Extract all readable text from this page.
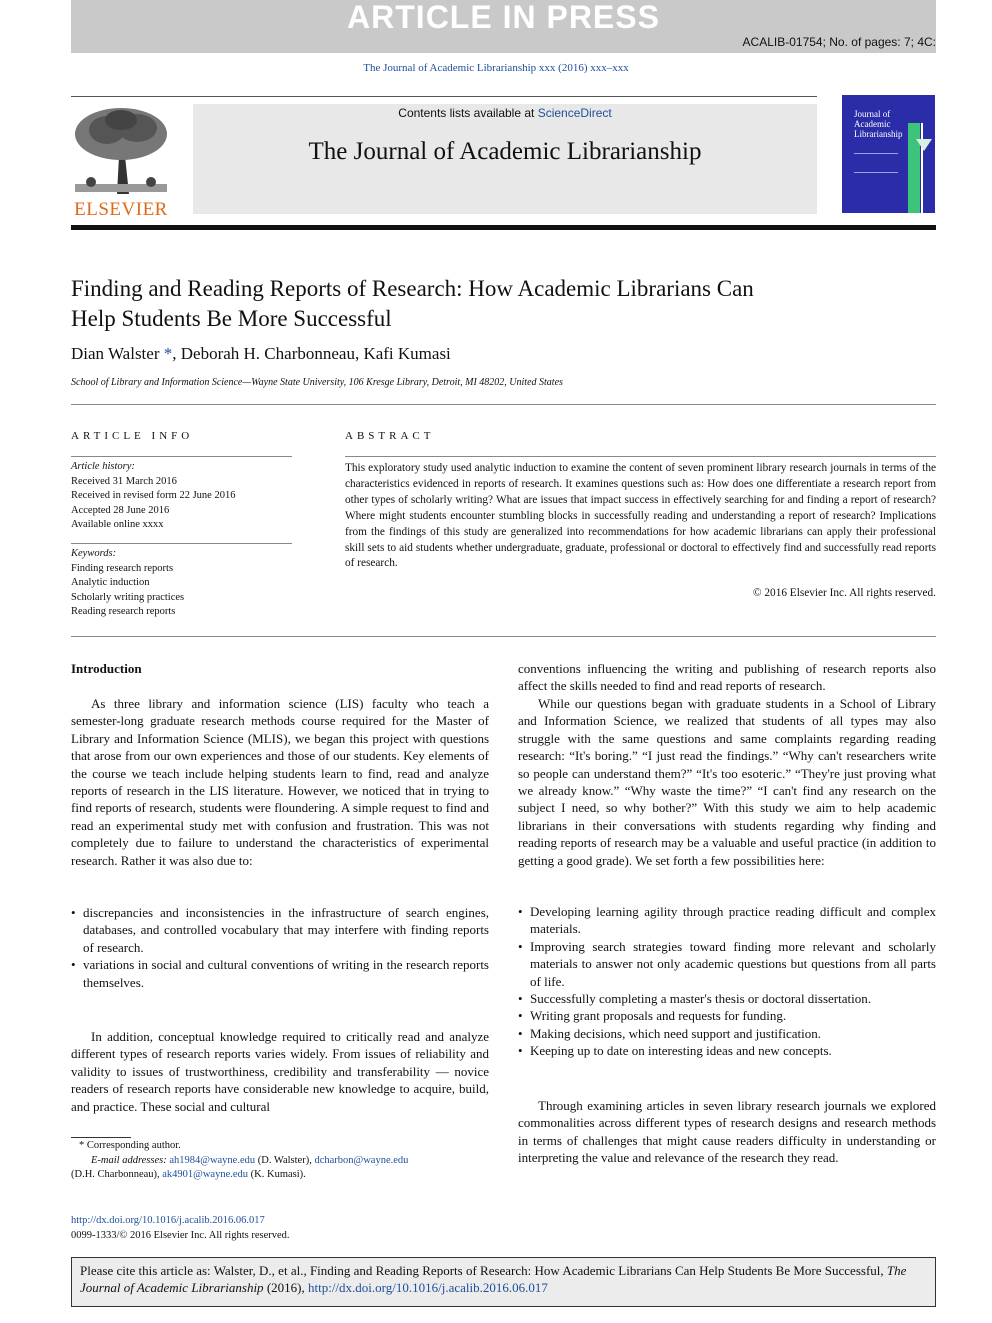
ARTICLE IN PRESS
ACALIB-01754; No. of pages: 7; 4C:
The Journal of Academic Librarianship xxx (2016) xxx–xxx
ELSEVIER
Contents lists available at ScienceDirect
The Journal of Academic Librarianship
Journal of
Academic
Librarianship
Finding and Reading Reports of Research: How Academic Librarians Can
Help Students Be More Successful
Dian Walster *, Deborah H. Charbonneau, Kafi Kumasi
School of Library and Information Science—Wayne State University, 106 Kresge Library, Detroit, MI 48202, United States
ARTICLE INFO
Article history:
Received 31 March 2016
Received in revised form 22 June 2016
Accepted 28 June 2016
Available online xxxx
Keywords:
Finding research reports
Analytic induction
Scholarly writing practices
Reading research reports
ABSTRACT
This exploratory study used analytic induction to examine the content of seven prominent library research journals in terms of the characteristics evidenced in reports of research. It examines questions such as: How does one differentiate a research report from other types of scholarly writing? What are issues that impact success in effectively searching for and finding a report of research? Where might students encounter stumbling blocks in successfully reading and understanding a report of research? Implications from the findings of this study are generalized into recommendations for how academic librarians can apply their professional skill sets to aid students whether undergraduate, graduate, professional or doctoral to effectively find and successfully read reports of research.
© 2016 Elsevier Inc. All rights reserved.
Introduction
As three library and information science (LIS) faculty who teach a semester-long graduate research methods course required for the Master of Library and Information Science (MLIS), we began this project with questions that arose from our own experiences and those of our students. Key elements of the course we teach include helping students learn to find, read and analyze reports of research in the LIS literature. However, we noticed that in trying to find reports of research, students were floundering. A simple request to find and read an experimental study met with confusion and frustration. This was not completely due to failure to understand the characteristics of experimental research. Rather it was also due to:
• discrepancies and inconsistencies in the infrastructure of search engines, databases, and controlled vocabulary that may interfere with finding reports of research.
• variations in social and cultural conventions of writing in the research reports themselves.
In addition, conceptual knowledge required to critically read and analyze different types of research reports varies widely. From issues of reliability and validity to issues of trustworthiness, credibility and transferability — novice readers of research reports have considerable new knowledge to acquire, build, and practice. These social and cultural
* Corresponding author.
E-mail addresses: ah1984@wayne.edu (D. Walster), dcharbon@wayne.edu
(D.H. Charbonneau), ak4901@wayne.edu (K. Kumasi).
http://dx.doi.org/10.1016/j.acalib.2016.06.017
0099-1333/© 2016 Elsevier Inc. All rights reserved.
conventions influencing the writing and publishing of research reports also affect the skills needed to find and read reports of research.
While our questions began with graduate students in a School of Library and Information Science, we realized that students of all types may also struggle with the same questions and same complaints regarding reading research: “It's boring.” “I just read the findings.” “Why can't researchers write so people can understand them?” “It's too esoteric.” “They're just proving what we already know.” “Why waste the time?” “I can't find any research on the subject I need, so why bother?” With this study we aim to help academic librarians in their conversations with students regarding why finding and reading reports of research may be a valuable and useful practice (in addition to getting a good grade). We set forth a few possibilities here:
• Developing learning agility through practice reading difficult and complex materials.
• Improving search strategies toward finding more relevant and scholarly materials to answer not only academic questions but questions from all parts of life.
• Successfully completing a master's thesis or doctoral dissertation.
• Writing grant proposals and requests for funding.
• Making decisions, which need support and justification.
• Keeping up to date on interesting ideas and new concepts.
Through examining articles in seven library research journals we explored commonalities across different types of research designs and research methods in terms of challenges that might cause readers difficulty in understanding or interpreting the value and relevance of the research they read.
Please cite this article as: Walster, D., et al., Finding and Reading Reports of Research: How Academic Librarians Can Help Students Be More Successful, The Journal of Academic Librarianship (2016), http://dx.doi.org/10.1016/j.acalib.2016.06.017
